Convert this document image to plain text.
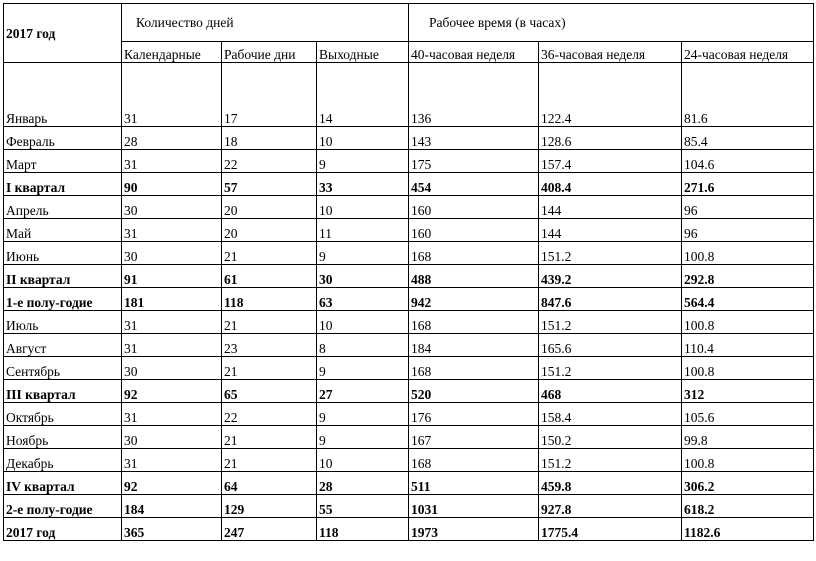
2017 год	Количество дней			Рабочее время (в часах)		
	Календарные	Рабочие дни	Выходные	40-часовая неделя	36-часовая неделя	24-часовая неделя
Январь	31	17	14	136	122.4	81.6
Февраль	28	18	10	143	128.6	85.4
Март	31	22	9	175	157.4	104.6
I квартал	90	57	33	454	408.4	271.6
Апрель	30	20	10	160	144	96
Май	31	20	11	160	144	96
Июнь	30	21	9	168	151.2	100.8
II квартал	91	61	30	488	439.2	292.8
1-е полу-годие	181	118	63	942	847.6	564.4
Июль	31	21	10	168	151.2	100.8
Август	31	23	8	184	165.6	110.4
Сентябрь	30	21	9	168	151.2	100.8
III квартал	92	65	27	520	468	312
Октябрь	31	22	9	176	158.4	105.6
Ноябрь	30	21	9	167	150.2	99.8
Декабрь	31	21	10	168	151.2	100.8
IV квартал	92	64	28	511	459.8	306.2
2-е полу-годие	184	129	55	1031	927.8	618.2
2017 год	365	247	118	1973	1775.4	1182.6
